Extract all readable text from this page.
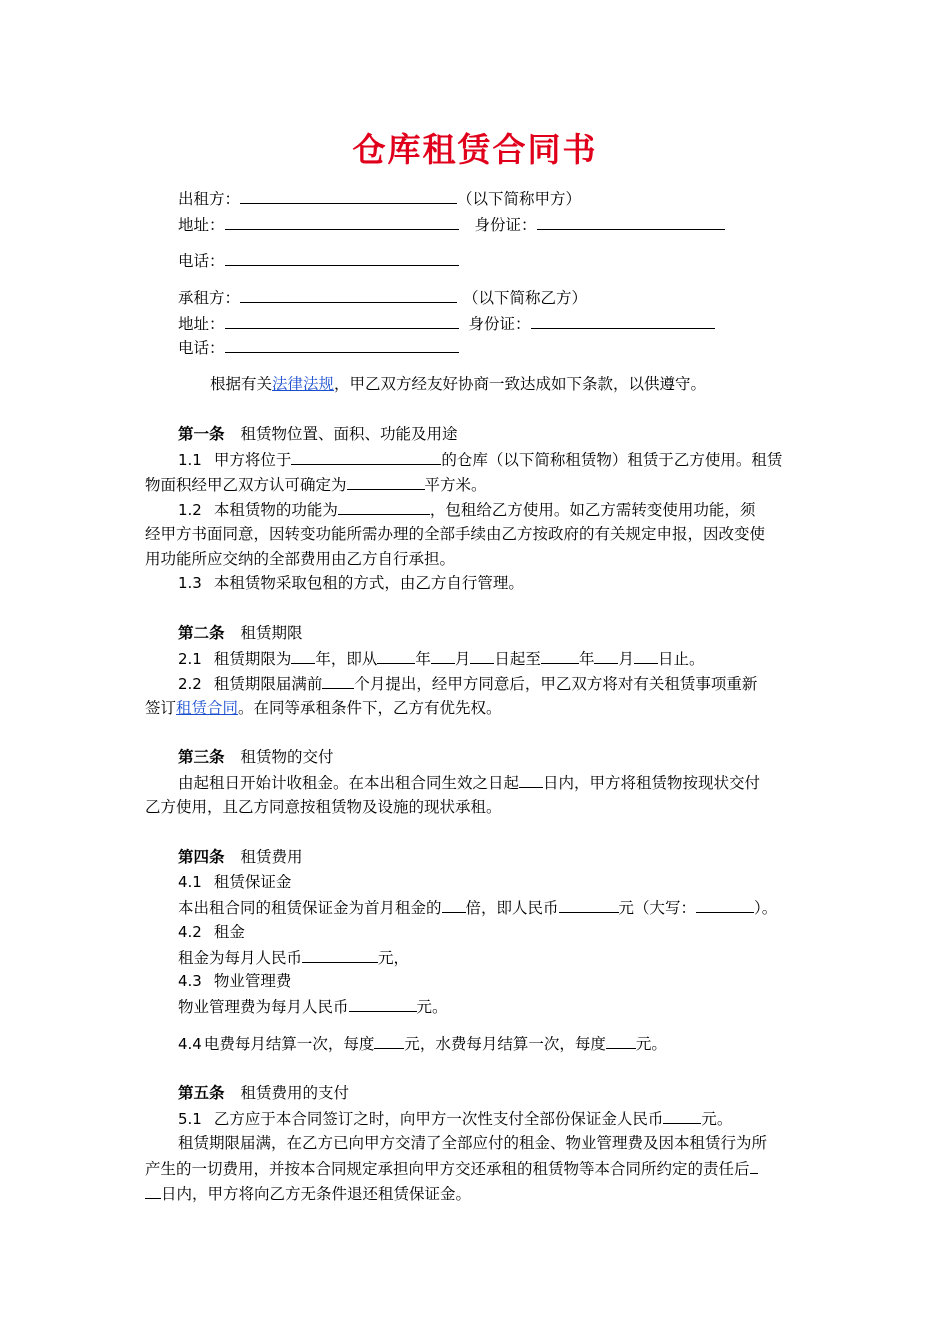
仓库租赁合同书
出租方：	（以下简称甲方）
地址：	身份证：
电话：
承租方：	（以下简称乙方）
地址：	身份证：
电话：
根据有关法律法规，甲乙双方经友好协商一致达成如下条款，以供遵守。
第一条 租赁物位置、面积、功能及用途
1.1 甲方将位于	的仓库（以下简称租赁物）租赁于乙方使用。租赁
物面积经甲乙双方认可确定为	平方米。
1.2 本租赁物的功能为	，包租给乙方使用。如乙方需转变使用功能，须
经甲方书面同意，因转变功能所需办理的全部手续由乙方按政府的有关规定申报，因改变使
用功能所应交纳的全部费用由乙方自行承担。
1.3 本租赁物采取包租的方式，由乙方自行管理。
第二条 租赁期限
2.1 租赁期限为 年，即从 年 月 日起至 年 月 日止。
2.2 租赁期限届满前 个月提出，经甲方同意后，甲乙双方将对有关租赁事项重新
签订租赁合同。在同等承租条件下，乙方有优先权。
第三条 租赁物的交付
由起租日开始计收租金。在本出租合同生效之日起 日内，甲方将租赁物按现状交付
乙方使用，且乙方同意按租赁物及设施的现状承租。
第四条 租赁费用
4.1 租赁保证金
本出租合同的租赁保证金为首月租金的 倍，即人民币	元（大写：	）。
4.2 租金
租金为每月人民币	元，
4.3 物业管理费
物业管理费为每月人民币	元。
4.4 电费每月结算一次，每度 元，水费每月结算一次，每度 元。
第五条 租赁费用的支付
5.1 乙方应于本合同签订之时，向甲方一次性支付全部份保证金人民币 元。
租赁期限届满，在乙方已向甲方交清了全部应付的租金、物业管理费及因本租赁行为所
产生的一切费用，并按本合同规定承担向甲方交还承租的租赁物等本合同所约定的责任后
日内，甲方将向乙方无条件退还租赁保证金。
